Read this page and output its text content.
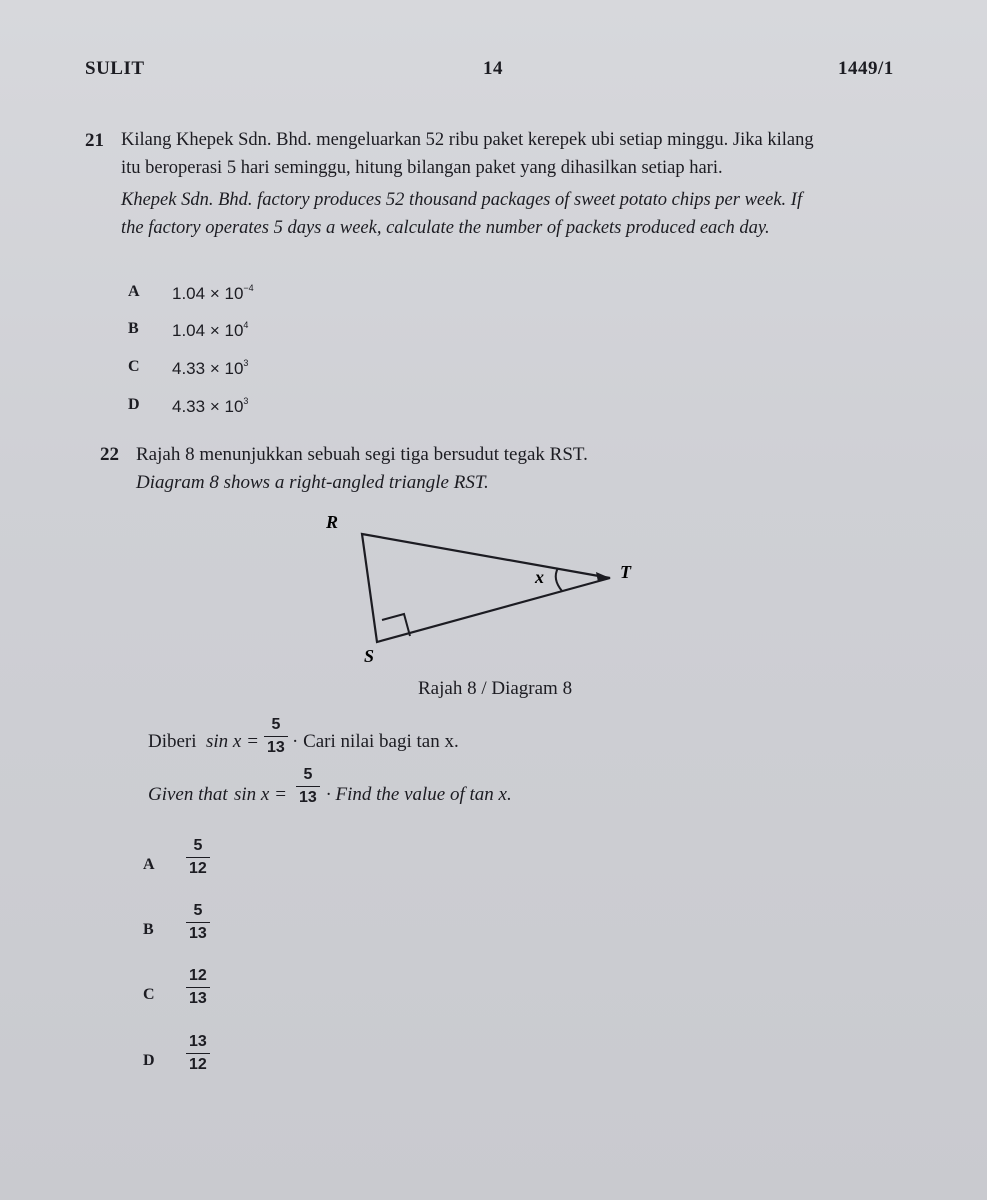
SULIT	14	1449/1
21 Kilang Khepek Sdn. Bhd. mengeluarkan 52 ribu paket kerepek ubi setiap minggu. Jika kilang
itu beroperasi 5 hari seminggu, hitung bilangan paket yang dihasilkan setiap hari.
Khepek Sdn. Bhd. factory produces 52 thousand packages of sweet potato chips per week. If
the factory operates 5 days a week, calculate the number of packets produced each day.
A $1.04 \times 10^{-4}$
B $1.04 \times 10^4$
C $4.33 \times 10^3$
D $4.33 \times 10^3$
22 Rajah 8 menunjukkan sebuah segi tiga bersudut tegak RST.
Diagram 8 shows a right-angled triangle RST.
R
T
S
x
Rajah 8 / Diagram 8
Diberi sin x =
5
13 · Cari nilai bagi tan x.
Given that sin x =
5
13 · Find the value of tan x.
A
5
12
B
5
13
C
12
13
D
13
12
